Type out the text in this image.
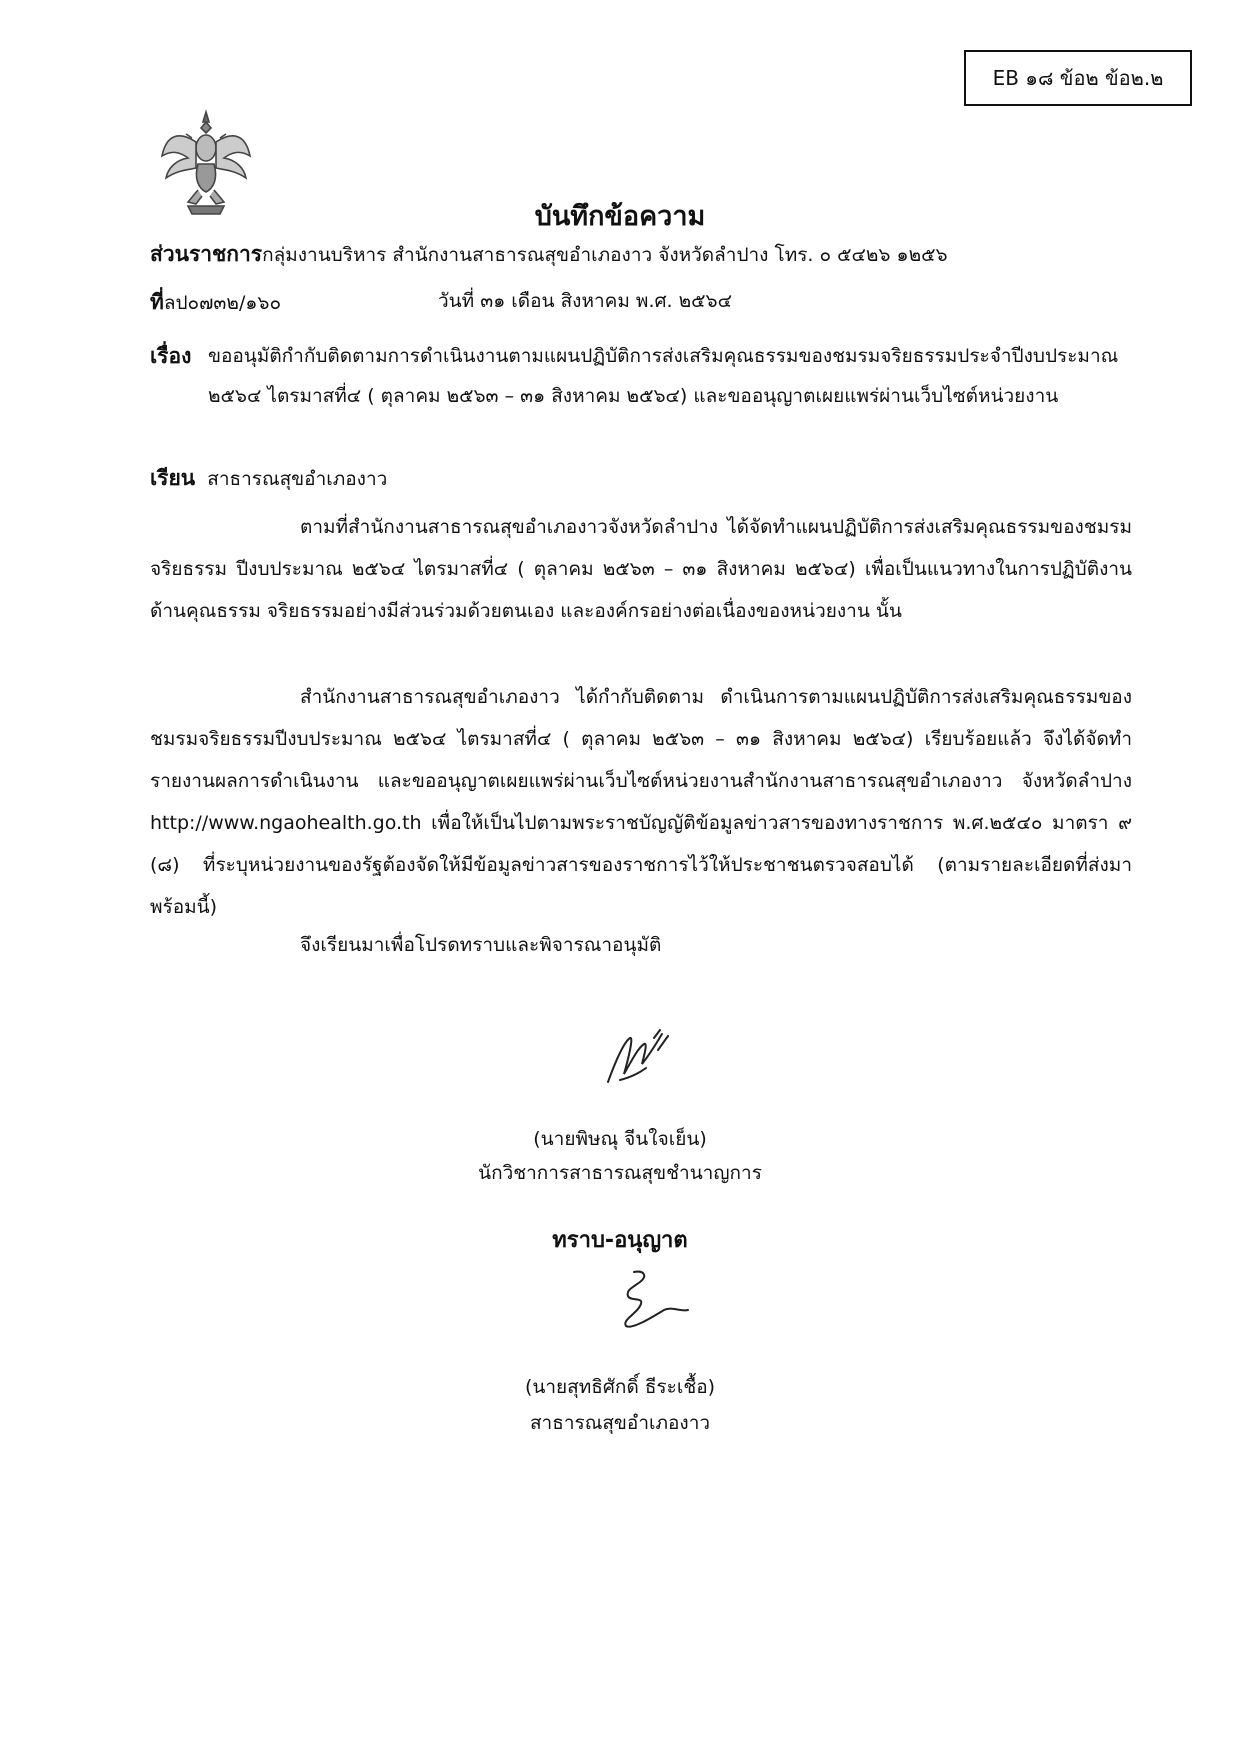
EB ๑๘ ข้อ๒ ข้อ๒.๒
บันทึกข้อความ
ส่วนราชการกลุ่มงานบริหาร สำนักงานสาธารณสุขอำเภองาว จังหวัดลำปาง โทร. ๐ ๕๔๒๖ ๑๒๕๖
ที่ลป๐๗๓๒/๑๖๐	วันที่ ๓๑ เดือน สิงหาคม พ.ศ. ๒๕๖๔
เรื่อง ขออนุมัติกำกับติดตามการดำเนินงานตามแผนปฏิบัติการส่งเสริมคุณธรรมของชมรมจริยธรรมประจำปีงบประมาณ ๒๕๖๔ ไตรมาสที่๔ ( ตุลาคม ๒๕๖๓ – ๓๑ สิงหาคม ๒๕๖๔) และขออนุญาตเผยแพร่ผ่านเว็บไซต์หน่วยงาน
เรียน สาธารณสุขอำเภองาว

ตามที่สำนักงานสาธารณสุขอำเภองาวจังหวัดลำปาง ได้จัดทำแผนปฏิบัติการส่งเสริมคุณธรรมของชมรมจริยธรรม ปีงบประมาณ ๒๕๖๔ ไตรมาสที่๔ ( ตุลาคม ๒๕๖๓ – ๓๑ สิงหาคม ๒๕๖๔) เพื่อเป็นแนวทางในการปฏิบัติงานด้านคุณธรรม จริยธรรมอย่างมีส่วนร่วมด้วยตนเอง และองค์กรอย่างต่อเนื่องของหน่วยงาน นั้น

สำนักงานสาธารณสุขอำเภองาว ได้กำกับติดตาม ดำเนินการตามแผนปฏิบัติการส่งเสริมคุณธรรมของชมรมจริยธรรมปีงบประมาณ ๒๕๖๔ ไตรมาสที่๔ ( ตุลาคม ๒๕๖๓ – ๓๑ สิงหาคม ๒๕๖๔) เรียบร้อยแล้ว จึงได้จัดทำรายงานผลการดำเนินงาน และขออนุญาตเผยแพร่ผ่านเว็บไซต์หน่วยงานสำนักงานสาธารณสุขอำเภองาว จังหวัดลำปาง http://www.ngaohealth.go.th เพื่อให้เป็นไปตามพระราชบัญญัติข้อมูลข่าวสารของทางราชการ พ.ศ.๒๕๔๐ มาตรา ๙ (๘) ที่ระบุหน่วยงานของรัฐต้องจัดให้มีข้อมูลข่าวสารของราชการไว้ให้ประชาชนตรวจสอบได้ (ตามรายละเอียดที่ส่งมาพร้อมนี้)

จึงเรียนมาเพื่อโปรดทราบและพิจารณาอนุมัติ
(นายพิษณุ จีนใจเย็น)
นักวิชาการสาธารณสุขชำนาญการ
ทราบ-อนุญาต
(นายสุทธิศักดิ์ ธีระเชื้อ)
สาธารณสุขอำเภองาว
